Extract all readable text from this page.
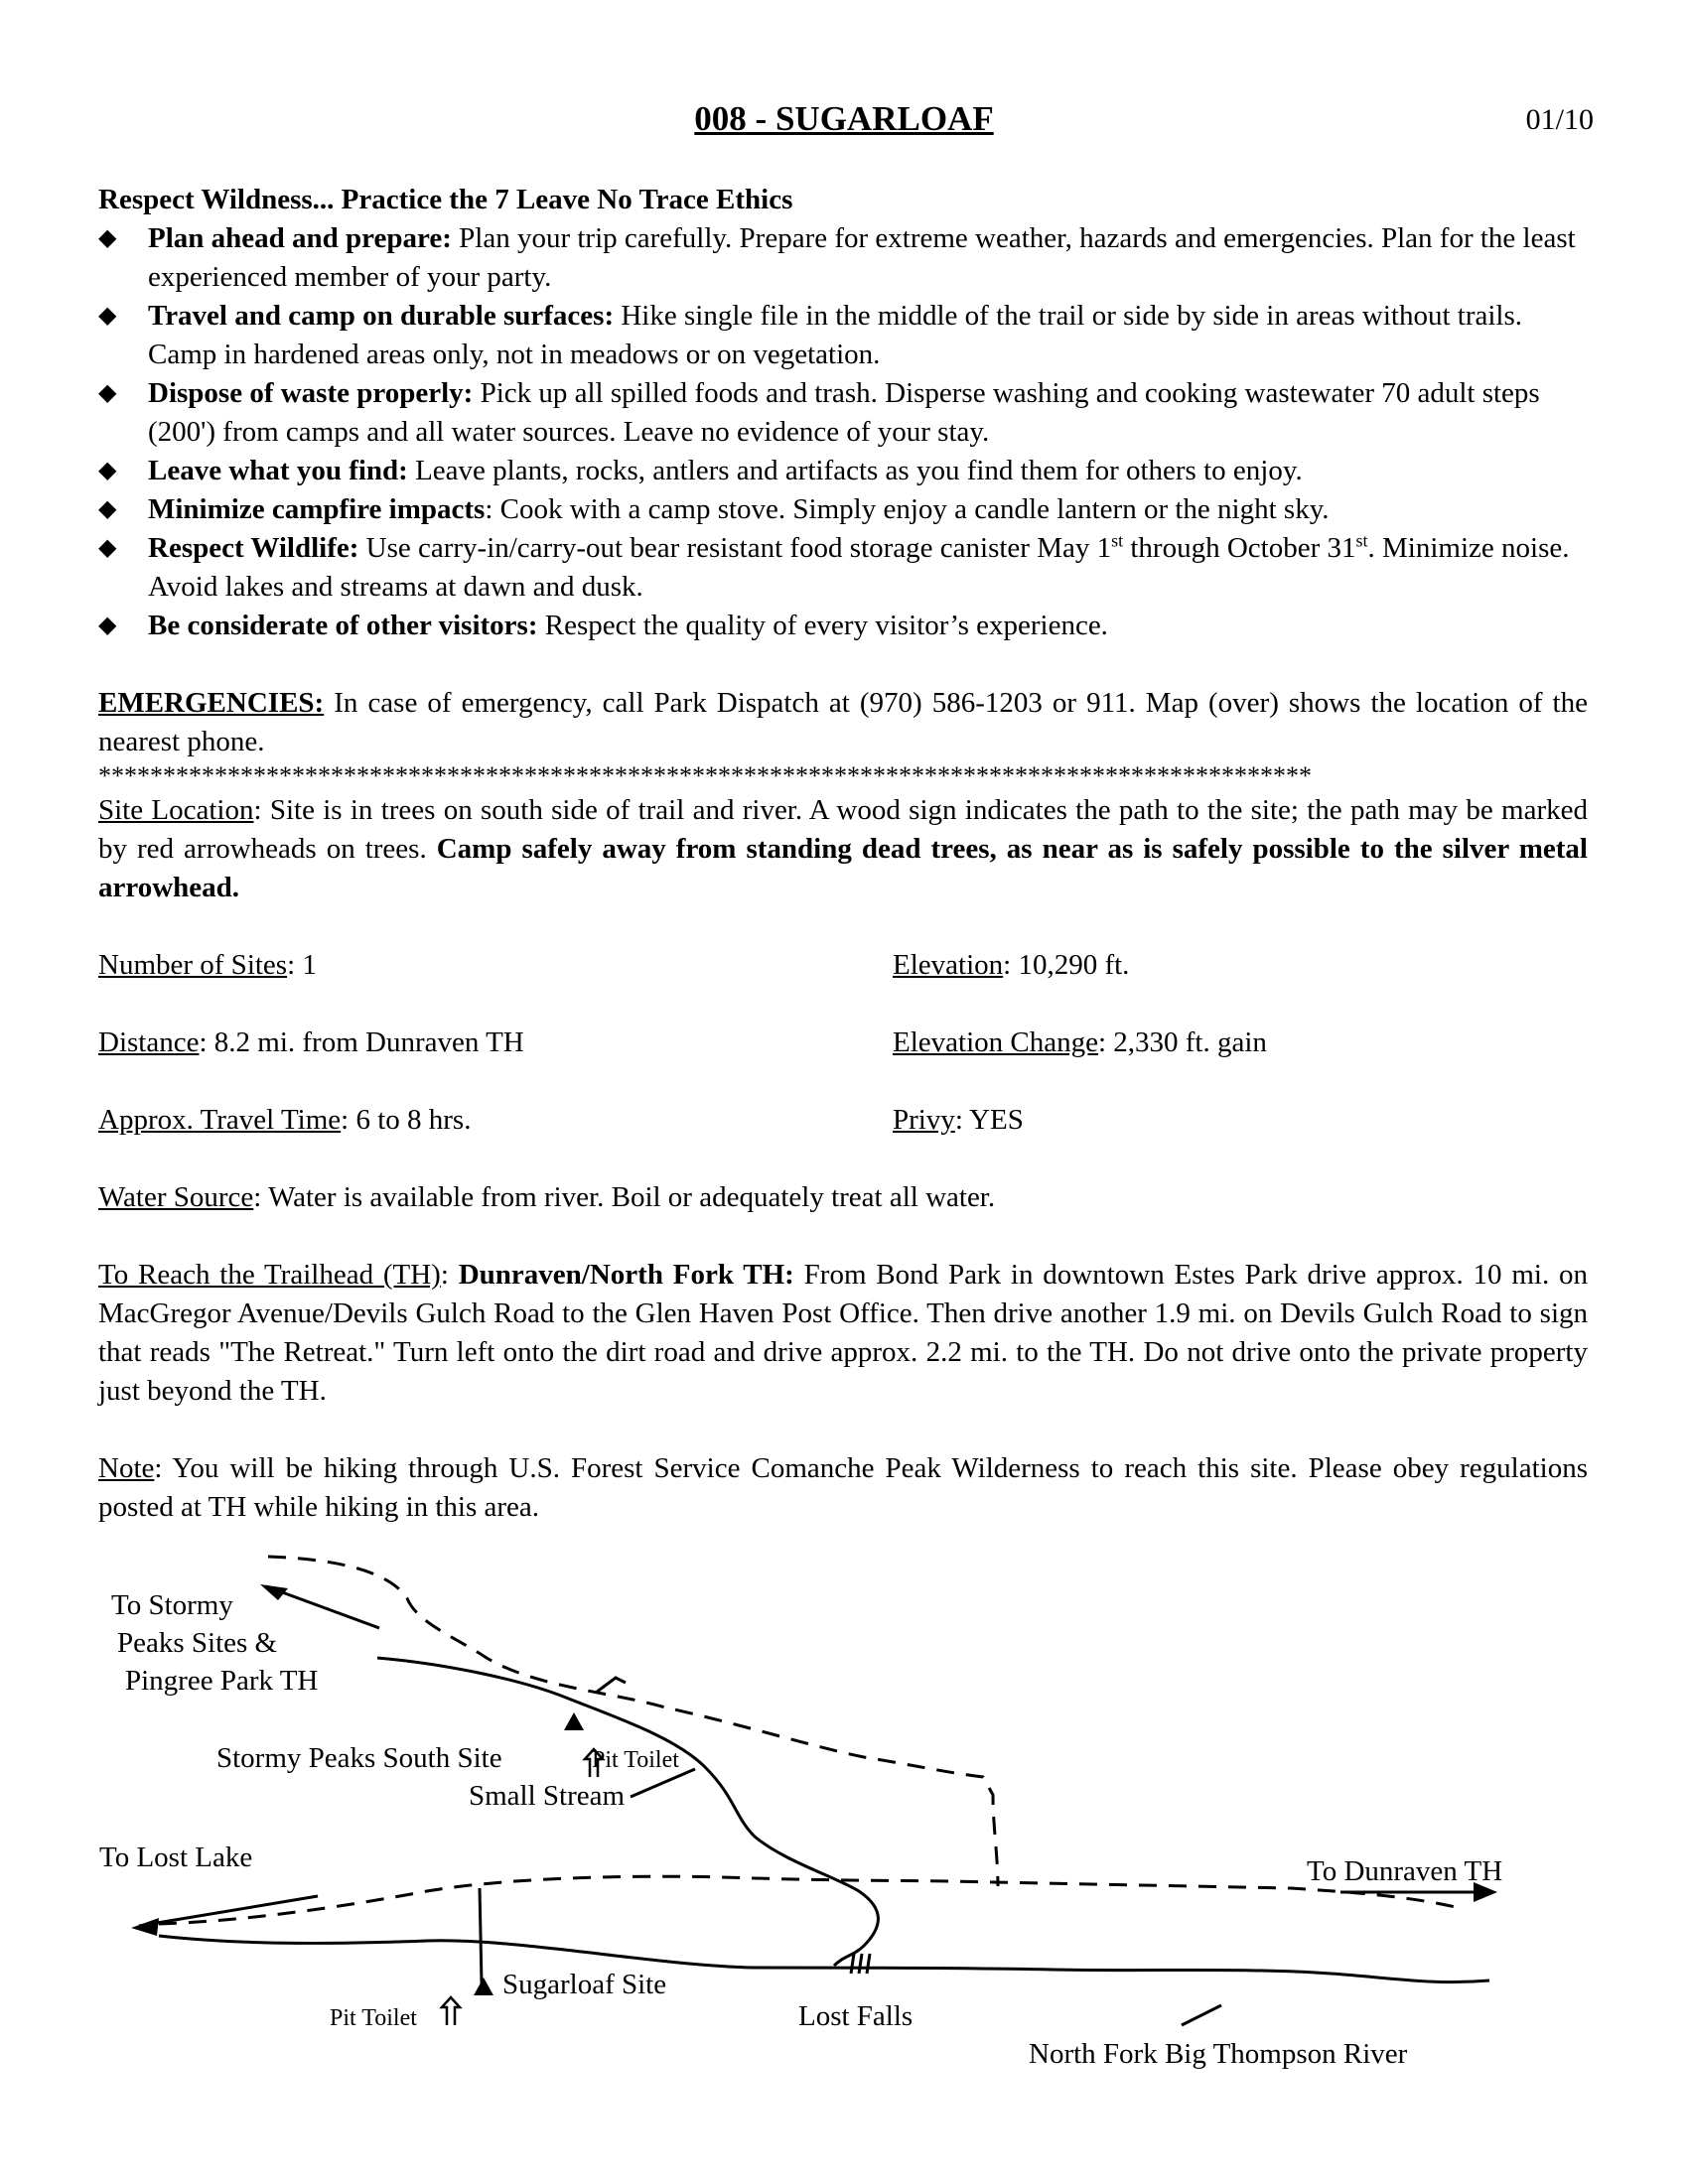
008 - SUGARLOAF	01/10
Respect Wildness... Practice the 7 Leave No Trace Ethics
◆ Plan ahead and prepare: Plan your trip carefully. Prepare for extreme weather, hazards and emergencies. Plan for the least experienced member of your party.
◆ Travel and camp on durable surfaces: Hike single file in the middle of the trail or side by side in areas without trails. Camp in hardened areas only, not in meadows or on vegetation.
◆ Dispose of waste properly: Pick up all spilled foods and trash. Disperse washing and cooking wastewater 70 adult steps (200') from camps and all water sources. Leave no evidence of your stay.
◆ Leave what you find: Leave plants, rocks, antlers and artifacts as you find them for others to enjoy.
◆ Minimize campfire impacts: Cook with a camp stove. Simply enjoy a candle lantern or the night sky.
◆ Respect Wildlife: Use carry-in/carry-out bear resistant food storage canister May 1st through October 31st. Minimize noise. Avoid lakes and streams at dawn and dusk.
◆ Be considerate of other visitors: Respect the quality of every visitor’s experience.
EMERGENCIES: In case of emergency, call Park Dispatch at (970) 586-1203 or 911. Map (over) shows the location of the nearest phone.
**********************************************************************************************
Site Location: Site is in trees on south side of trail and river. A wood sign indicates the path to the site; the path may be marked by red arrowheads on trees. Camp safely away from standing dead trees, as near as is safely possible to the silver metal arrowhead.
Number of Sites: 1	Elevation: 10,290 ft.
Distance: 8.2 mi. from Dunraven TH	Elevation Change: 2,330 ft. gain
Approx. Travel Time: 6 to 8 hrs.	Privy: YES
Water Source: Water is available from river. Boil or adequately treat all water.
To Reach the Trailhead (TH): Dunraven/North Fork TH: From Bond Park in downtown Estes Park drive approx. 10 mi. on MacGregor Avenue/Devils Gulch Road to the Glen Haven Post Office. Then drive another 1.9 mi. on Devils Gulch Road to sign that reads "The Retreat." Turn left onto the dirt road and drive approx. 2.2 mi. to the TH. Do not drive onto the private property just beyond the TH.
Note: You will be hiking through U.S. Forest Service Comanche Peak Wilderness to reach this site. Please obey regulations posted at TH while hiking in this area.
To Stormy
Peaks Sites &
Pingree Park TH
Stormy Peaks South Site	Pit Toilet
Small Stream
To Lost Lake	To Dunraven TH
Sugarloaf Site
Pit Toilet	Lost Falls
North Fork Big Thompson River
